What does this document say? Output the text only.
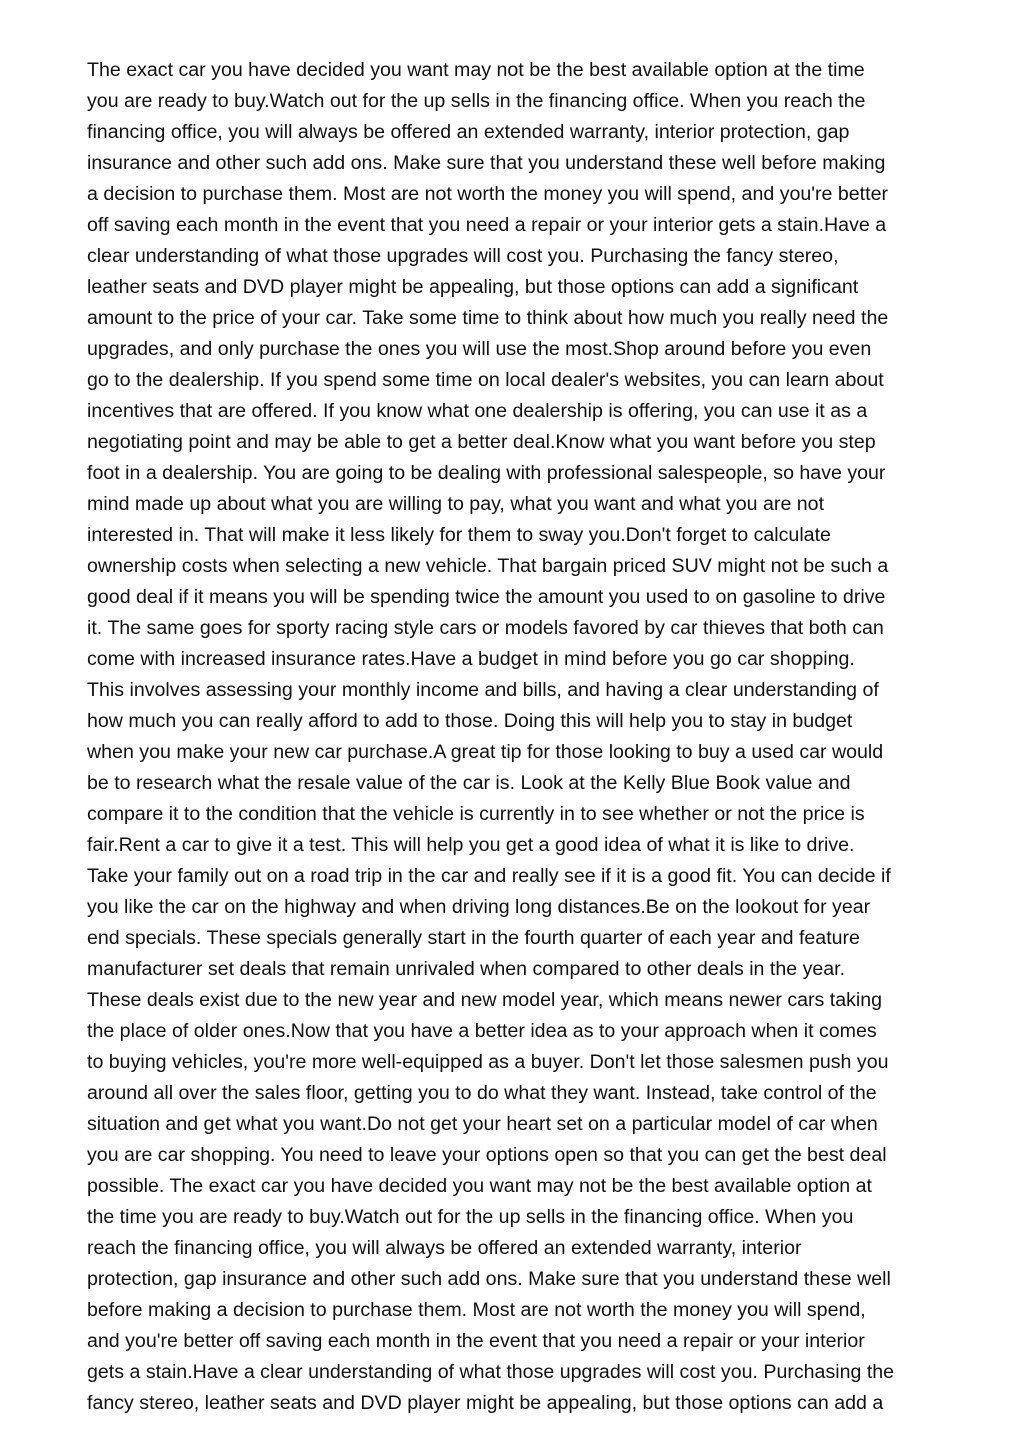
The exact car you have decided you want may not be the best available option at the time

you are ready to buy.Watch out for the up sells in the financing office. When you reach the

financing office, you will always be offered an extended warranty, interior protection, gap

insurance and other such add ons. Make sure that you understand these well before making

a decision to purchase them. Most are not worth the money you will spend, and you're better

off saving each month in the event that you need a repair or your interior gets a stain.Have a

clear understanding of what those upgrades will cost you. Purchasing the fancy stereo,

leather seats and DVD player might be appealing, but those options can add a significant

amount to the price of your car. Take some time to think about how much you really need the

upgrades, and only purchase the ones you will use the most.Shop around before you even

go to the dealership. If you spend some time on local dealer's websites, you can learn about

incentives that are offered. If you know what one dealership is offering, you can use it as a

negotiating point and may be able to get a better deal.Know what you want before you step

foot in a dealership. You are going to be dealing with professional salespeople, so have your

mind made up about what you are willing to pay, what you want and what you are not

interested in. That will make it less likely for them to sway you.Don't forget to calculate

ownership costs when selecting a new vehicle. That bargain priced SUV might not be such a

good deal if it means you will be spending twice the amount you used to on gasoline to drive

it. The same goes for sporty racing style cars or models favored by car thieves that both can

come with increased insurance rates.Have a budget in mind before you go car shopping.

This involves assessing your monthly income and bills, and having a clear understanding of

how much you can really afford to add to those. Doing this will help you to stay in budget

when you make your new car purchase.A great tip for those looking to buy a used car would

be to research what the resale value of the car is. Look at the Kelly Blue Book value and

compare it to the condition that the vehicle is currently in to see whether or not the price is

fair.Rent a car to give it a test. This will help you get a good idea of what it is like to drive.

Take your family out on a road trip in the car and really see if it is a good fit. You can decide if

you like the car on the highway and when driving long distances.Be on the lookout for year

end specials. These specials generally start in the fourth quarter of each year and feature

manufacturer set deals that remain unrivaled when compared to other deals in the year.

These deals exist due to the new year and new model year, which means newer cars taking

the place of older ones.Now that you have a better idea as to your approach when it comes

to buying vehicles, you're more well-equipped as a buyer. Don't let those salesmen push you

around all over the sales floor, getting you to do what they want. Instead, take control of the

situation and get what you want.Do not get your heart set on a particular model of car when

you are car shopping. You need to leave your options open so that you can get the best deal

possible. The exact car you have decided you want may not be the best available option at

the time you are ready to buy.Watch out for the up sells in the financing office. When you

reach the financing office, you will always be offered an extended warranty, interior

protection, gap insurance and other such add ons. Make sure that you understand these well

before making a decision to purchase them. Most are not worth the money you will spend,

and you're better off saving each month in the event that you need a repair or your interior

gets a stain.Have a clear understanding of what those upgrades will cost you. Purchasing the

fancy stereo, leather seats and DVD player might be appealing, but those options can add a
